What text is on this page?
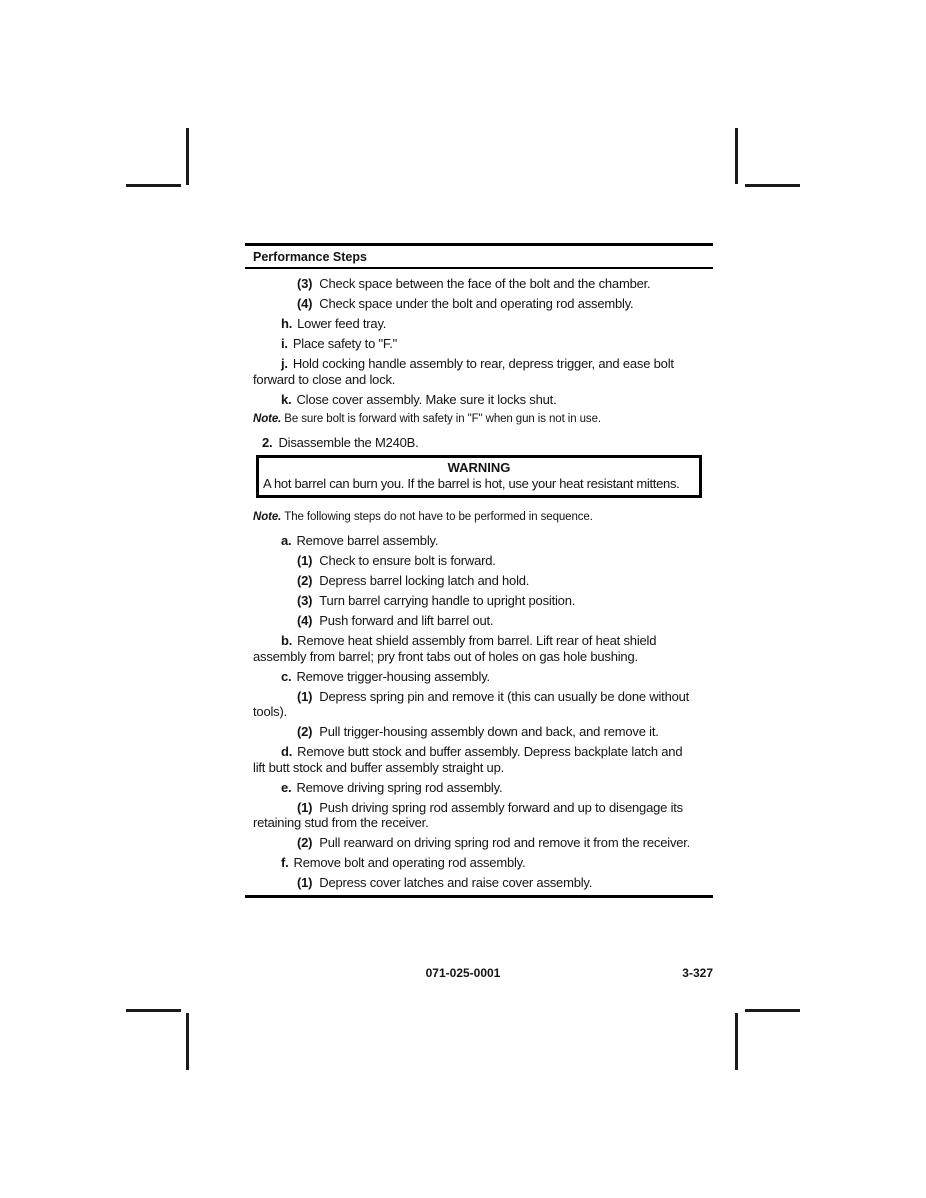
Performance Steps

(3) Check space between the face of the bolt and the chamber.

(4) Check space under the bolt and operating rod assembly.

h. Lower feed tray.

i. Place safety to "F."

j. Hold cocking handle assembly to rear, depress trigger, and ease bolt forward to close and lock.

k. Close cover assembly. Make sure it locks shut.

Note. Be sure bolt is forward with safety in "F" when gun is not in use.

2. Disassemble the M240B.

WARNING
A hot barrel can burn you. If the barrel is hot, use your heat resistant mittens.

Note. The following steps do not have to be performed in sequence.

a. Remove barrel assembly.

(1) Check to ensure bolt is forward.

(2) Depress barrel locking latch and hold.

(3) Turn barrel carrying handle to upright position.

(4) Push forward and lift barrel out.

b. Remove heat shield assembly from barrel. Lift rear of heat shield assembly from barrel; pry front tabs out of holes on gas hole bushing.

c. Remove trigger-housing assembly.

(1) Depress spring pin and remove it (this can usually be done without tools).

(2) Pull trigger-housing assembly down and back, and remove it.

d. Remove butt stock and buffer assembly. Depress backplate latch and lift butt stock and buffer assembly straight up.

e. Remove driving spring rod assembly.

(1) Push driving spring rod assembly forward and up to disengage its retaining stud from the receiver.

(2) Pull rearward on driving spring rod and remove it from the receiver.

f. Remove bolt and operating rod assembly.

(1) Depress cover latches and raise cover assembly.

071-025-0001	3-327
